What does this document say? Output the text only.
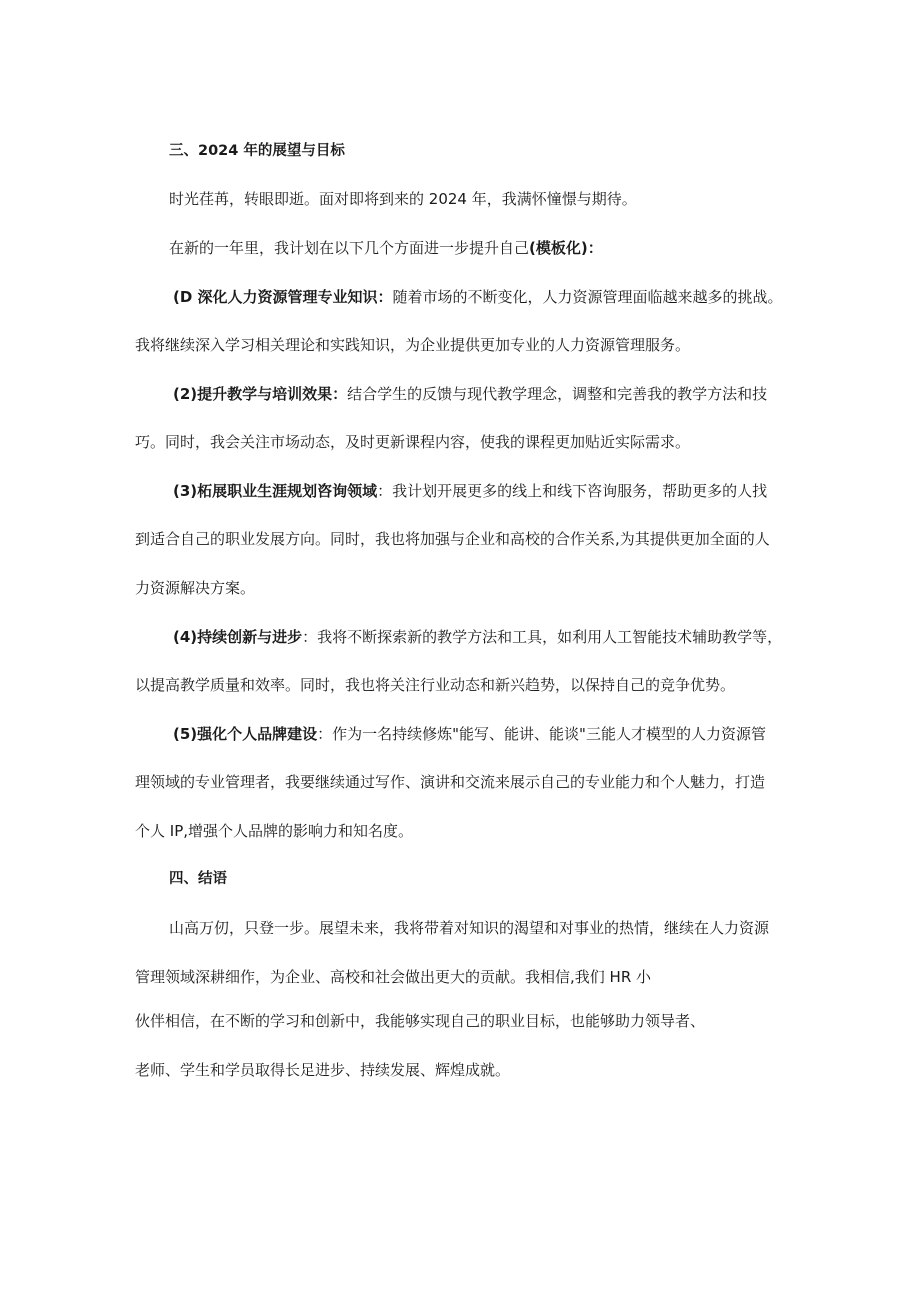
三、2024 年的展望与目标

时光荏苒，转眼即逝。面对即将到来的 2024 年，我满怀憧憬与期待。

在新的一年里，我计划在以下几个方面进一步提升自己(模板化)：

(D 深化人力资源管理专业知识：随着市场的不断变化，人力资源管理面临越来越多的挑战。

我将继续深入学习相关理论和实践知识，为企业提供更加专业的人力资源管理服务。

(2)提升教学与培训效果：结合学生的反馈与现代教学理念，调整和完善我的教学方法和技

巧。同时，我会关注市场动态，及时更新课程内容，使我的课程更加贴近实际需求。

(3)柘展职业生涯规划咨询领域：我计划开展更多的线上和线下咨询服务，帮助更多的人找

到适合自己的职业发展方向。同时，我也将加强与企业和高校的合作关系,为其提供更加全面的人

力资源解决方案。

(4)持续创新与进步：我将不断探索新的教学方法和工具，如利用人工智能技术辅助教学等，

以提高教学质量和效率。同时，我也将关注行业动态和新兴趋势，以保持自己的竞争优势。

(5)强化个人品牌建设：作为一名持续修炼"能写、能讲、能谈"三能人才模型的人力资源管

理领域的专业管理者，我要继续通过写作、演讲和交流来展示自己的专业能力和个人魅力，打造

个人 IP,增强个人品牌的影响力和知名度。

四、结语

山高万仞，只登一步。展望未来，我将带着对知识的渴望和对事业的热情，继续在人力资源

管理领域深耕细作，为企业、高校和社会做出更大的贡献。我相信,我们 HR 小

伙伴相信，在不断的学习和创新中，我能够实现自己的职业目标，也能够助力领导者、

老师、学生和学员取得长足进步、持续发展、辉煌成就。
